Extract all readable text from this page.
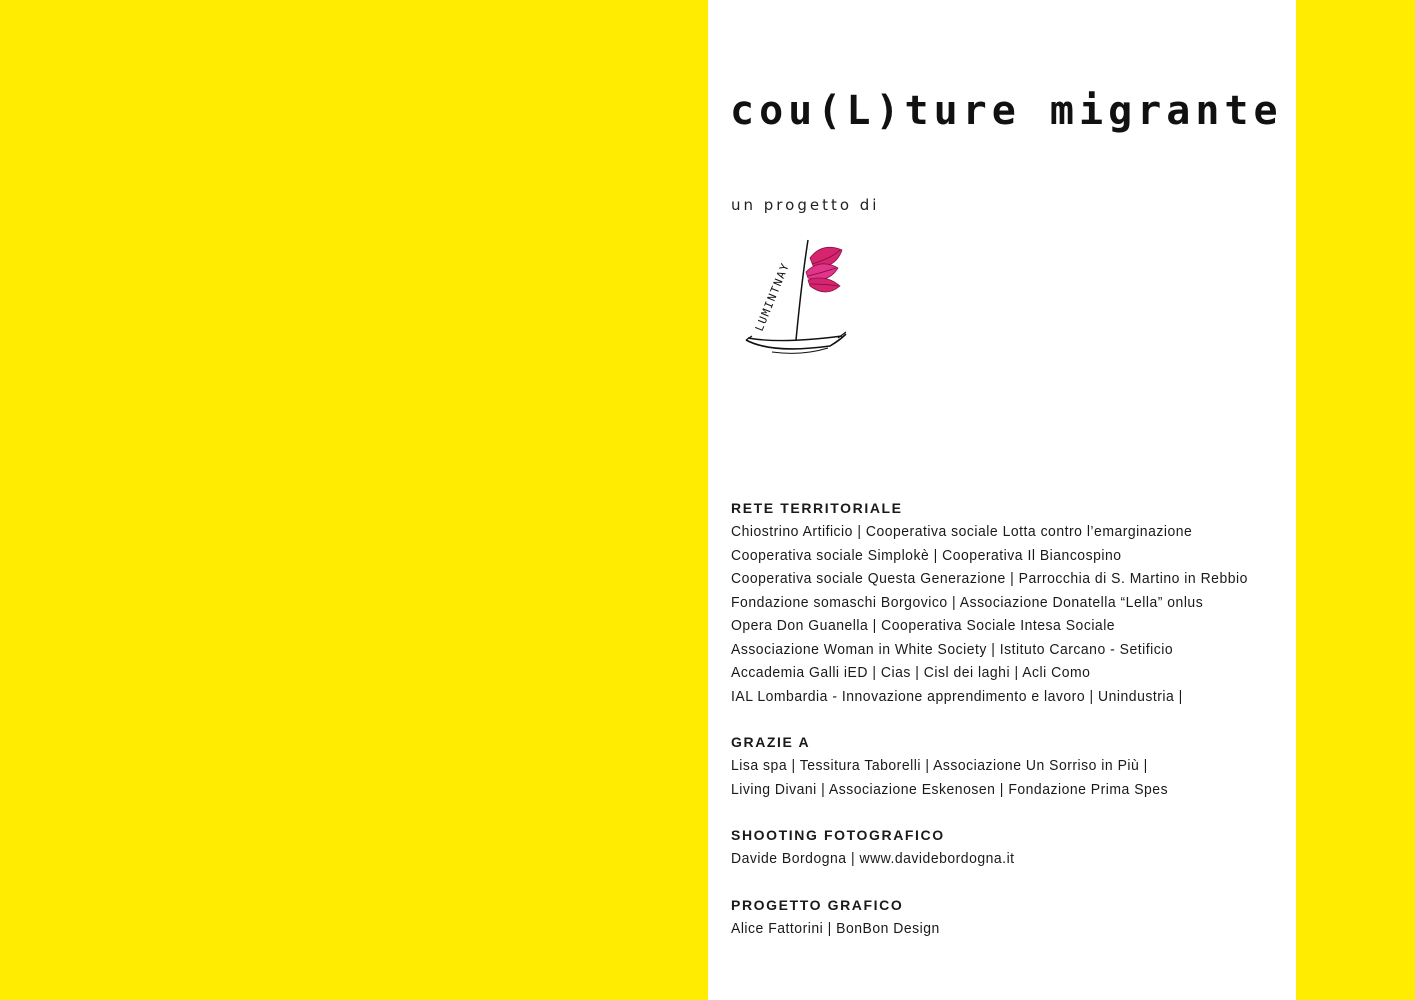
cou(L)ture migrante
un progetto di
LUMINTNAY
RETE TERRITORIALE
Chiostrino Artificio | Cooperativa sociale Lotta contro l’emarginazione
Cooperativa sociale Simplokè | Cooperativa Il Biancospino
Cooperativa sociale Questa Generazione | Parrocchia di S. Martino in Rebbio
Fondazione somaschi Borgovico | Associazione Donatella “Lella” onlus
Opera Don Guanella | Cooperativa Sociale Intesa Sociale
Associazione Woman in White Society | Istituto Carcano - Setificio
Accademia Galli iED | Cias | Cisl dei laghi | Acli Como
IAL Lombardia - Innovazione apprendimento e lavoro | Unindustria |
GRAZIE A
Lisa spa | Tessitura Taborelli | Associazione Un Sorriso in Più |
Living Divani | Associazione Eskenosen | Fondazione Prima Spes
SHOOTING FOTOGRAFICO
Davide Bordogna | www.davidebordogna.it
PROGETTO GRAFICO
Alice Fattorini | BonBon Design
